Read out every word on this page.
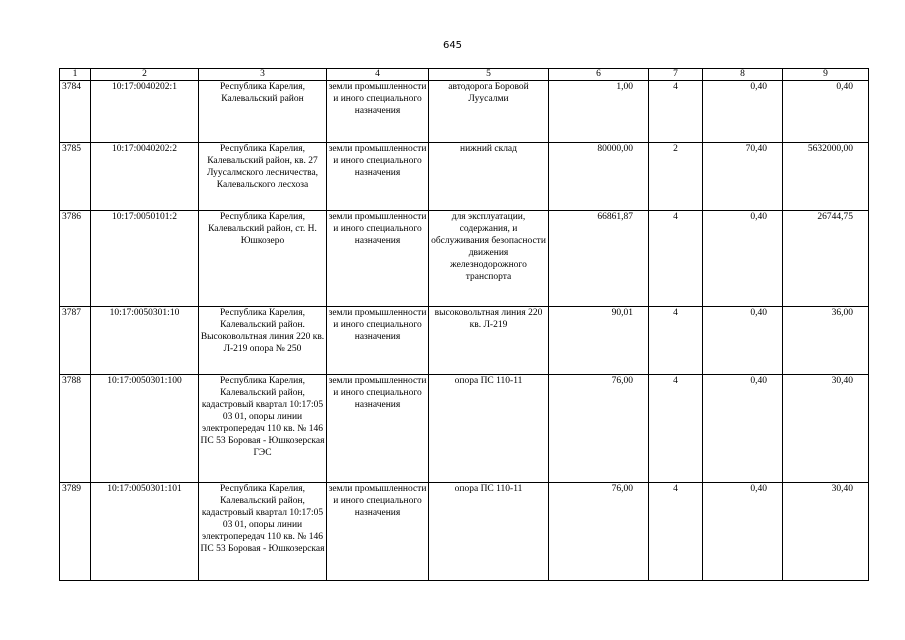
645
1	2	3	4	5	6	7	8	9
3784	10:17:0040202:1	Республика Карелия, Калевальский район	земли промышленности и иного специального назначения	автодорога Боровой Луусалми	1,00	4	0,40	0,40
3785	10:17:0040202:2	Республика Карелия, Калевальский район, кв. 27 Луусалмского лесничества, Калевальского лесхоза	земли промышленности и иного специального назначения	нижний склад	80000,00	2	70,40	5632000,00
3786	10:17:0050101:2	Республика Карелия, Калевальский район, ст. Н. Юшкозеро	земли промышленности и иного специального назначения	для эксплуатации, содержания, и обслуживания безопасности движения железнодорожного транспорта	66861,87	4	0,40	26744,75
3787	10:17:0050301:10	Республика Карелия, Калевальский район. Высоковольтная линия 220 кв. Л-219 опора № 250	земли промышленности и иного специального назначения	высоковольтная линия 220 кв. Л-219	90,01	4	0,40	36,00
3788	10:17:0050301:100	Республика Карелия, Калевальский район, кадастровый квартал 10:17:05 03 01, опоры линии электропередач 110 кв. № 146 ПС 53 Боровая - Юшкозерская ГЭС	земли промышленности и иного специального назначения	опора ПС 110-11	76,00	4	0,40	30,40
3789	10:17:0050301:101	Республика Карелия, Калевальский район, кадастровый квартал 10:17:05 03 01, опоры линии электропередач 110 кв. № 146 ПС 53 Боровая - Юшкозерская	земли промышленности и иного специального назначения	опора ПС 110-11	76,00	4	0,40	30,40
